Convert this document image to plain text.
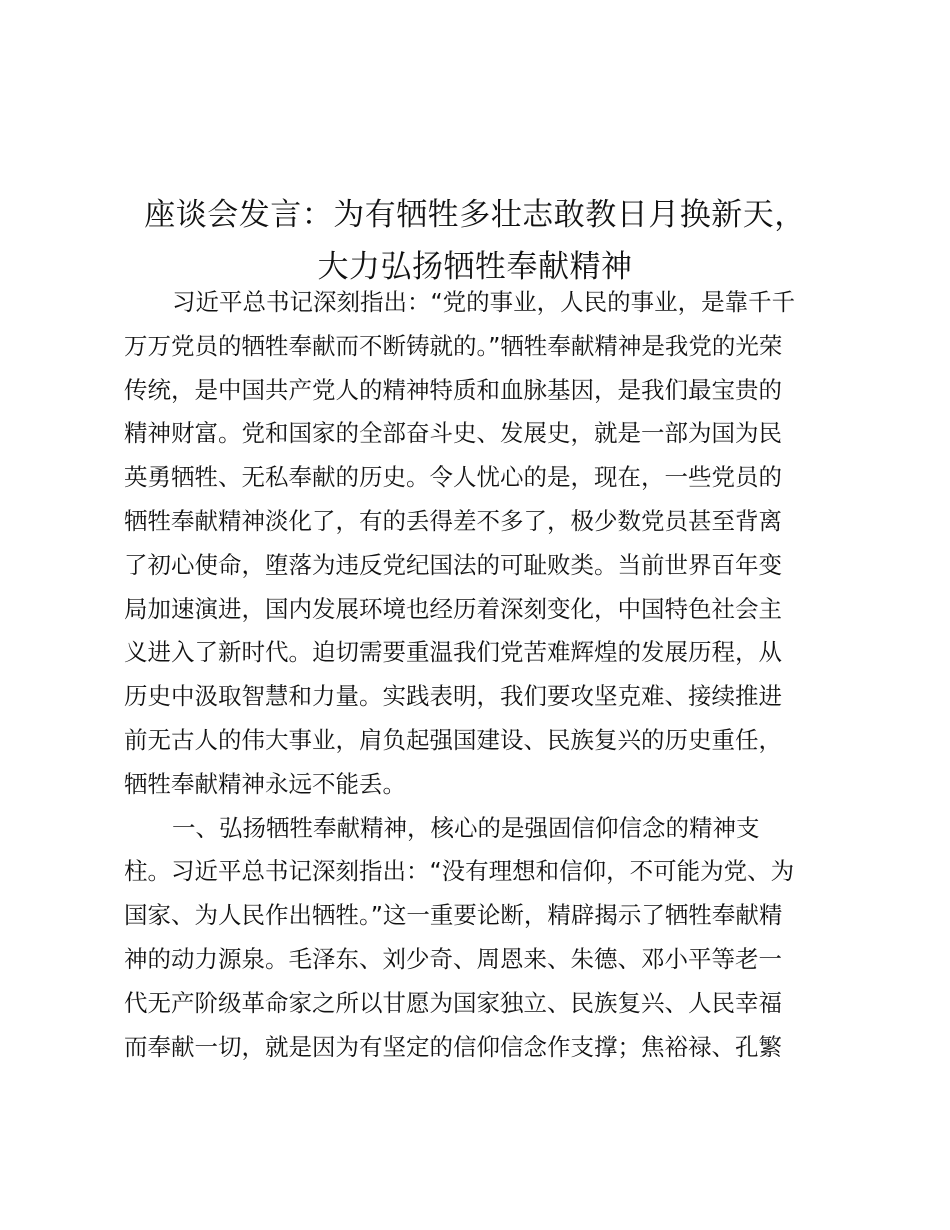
座谈会发言：为有牺牲多壮志敢教日月换新天，
大力弘扬牺牲奉献精神
习近平总书记深刻指出：“党的事业，人民的事业，是靠千千
万万党员的牺牲奉献而不断铸就的。”牺牲奉献精神是我党的光荣
传统，是中国共产党人的精神特质和血脉基因，是我们最宝贵的
精神财富。党和国家的全部奋斗史、发展史，就是一部为国为民
英勇牺牲、无私奉献的历史。令人忧心的是，现在，一些党员的
牺牲奉献精神淡化了，有的丢得差不多了，极少数党员甚至背离
了初心使命，堕落为违反党纪国法的可耻败类。当前世界百年变
局加速演进，国内发展环境也经历着深刻变化，中国特色社会主
义进入了新时代。迫切需要重温我们党苦难辉煌的发展历程，从
历史中汲取智慧和力量。实践表明，我们要攻坚克难、接续推进
前无古人的伟大事业，肩负起强国建设、民族复兴的历史重任，
牺牲奉献精神永远不能丢。
一、弘扬牺牲奉献精神，核心的是强固信仰信念的精神支
柱。习近平总书记深刻指出：“没有理想和信仰，不可能为党、为
国家、为人民作出牺牲。”这一重要论断，精辟揭示了牺牲奉献精
神的动力源泉。毛泽东、刘少奇、周恩来、朱德、邓小平等老一
代无产阶级革命家之所以甘愿为国家独立、民族复兴、人民幸福
而奉献一切，就是因为有坚定的信仰信念作支撑；焦裕禄、孔繁
